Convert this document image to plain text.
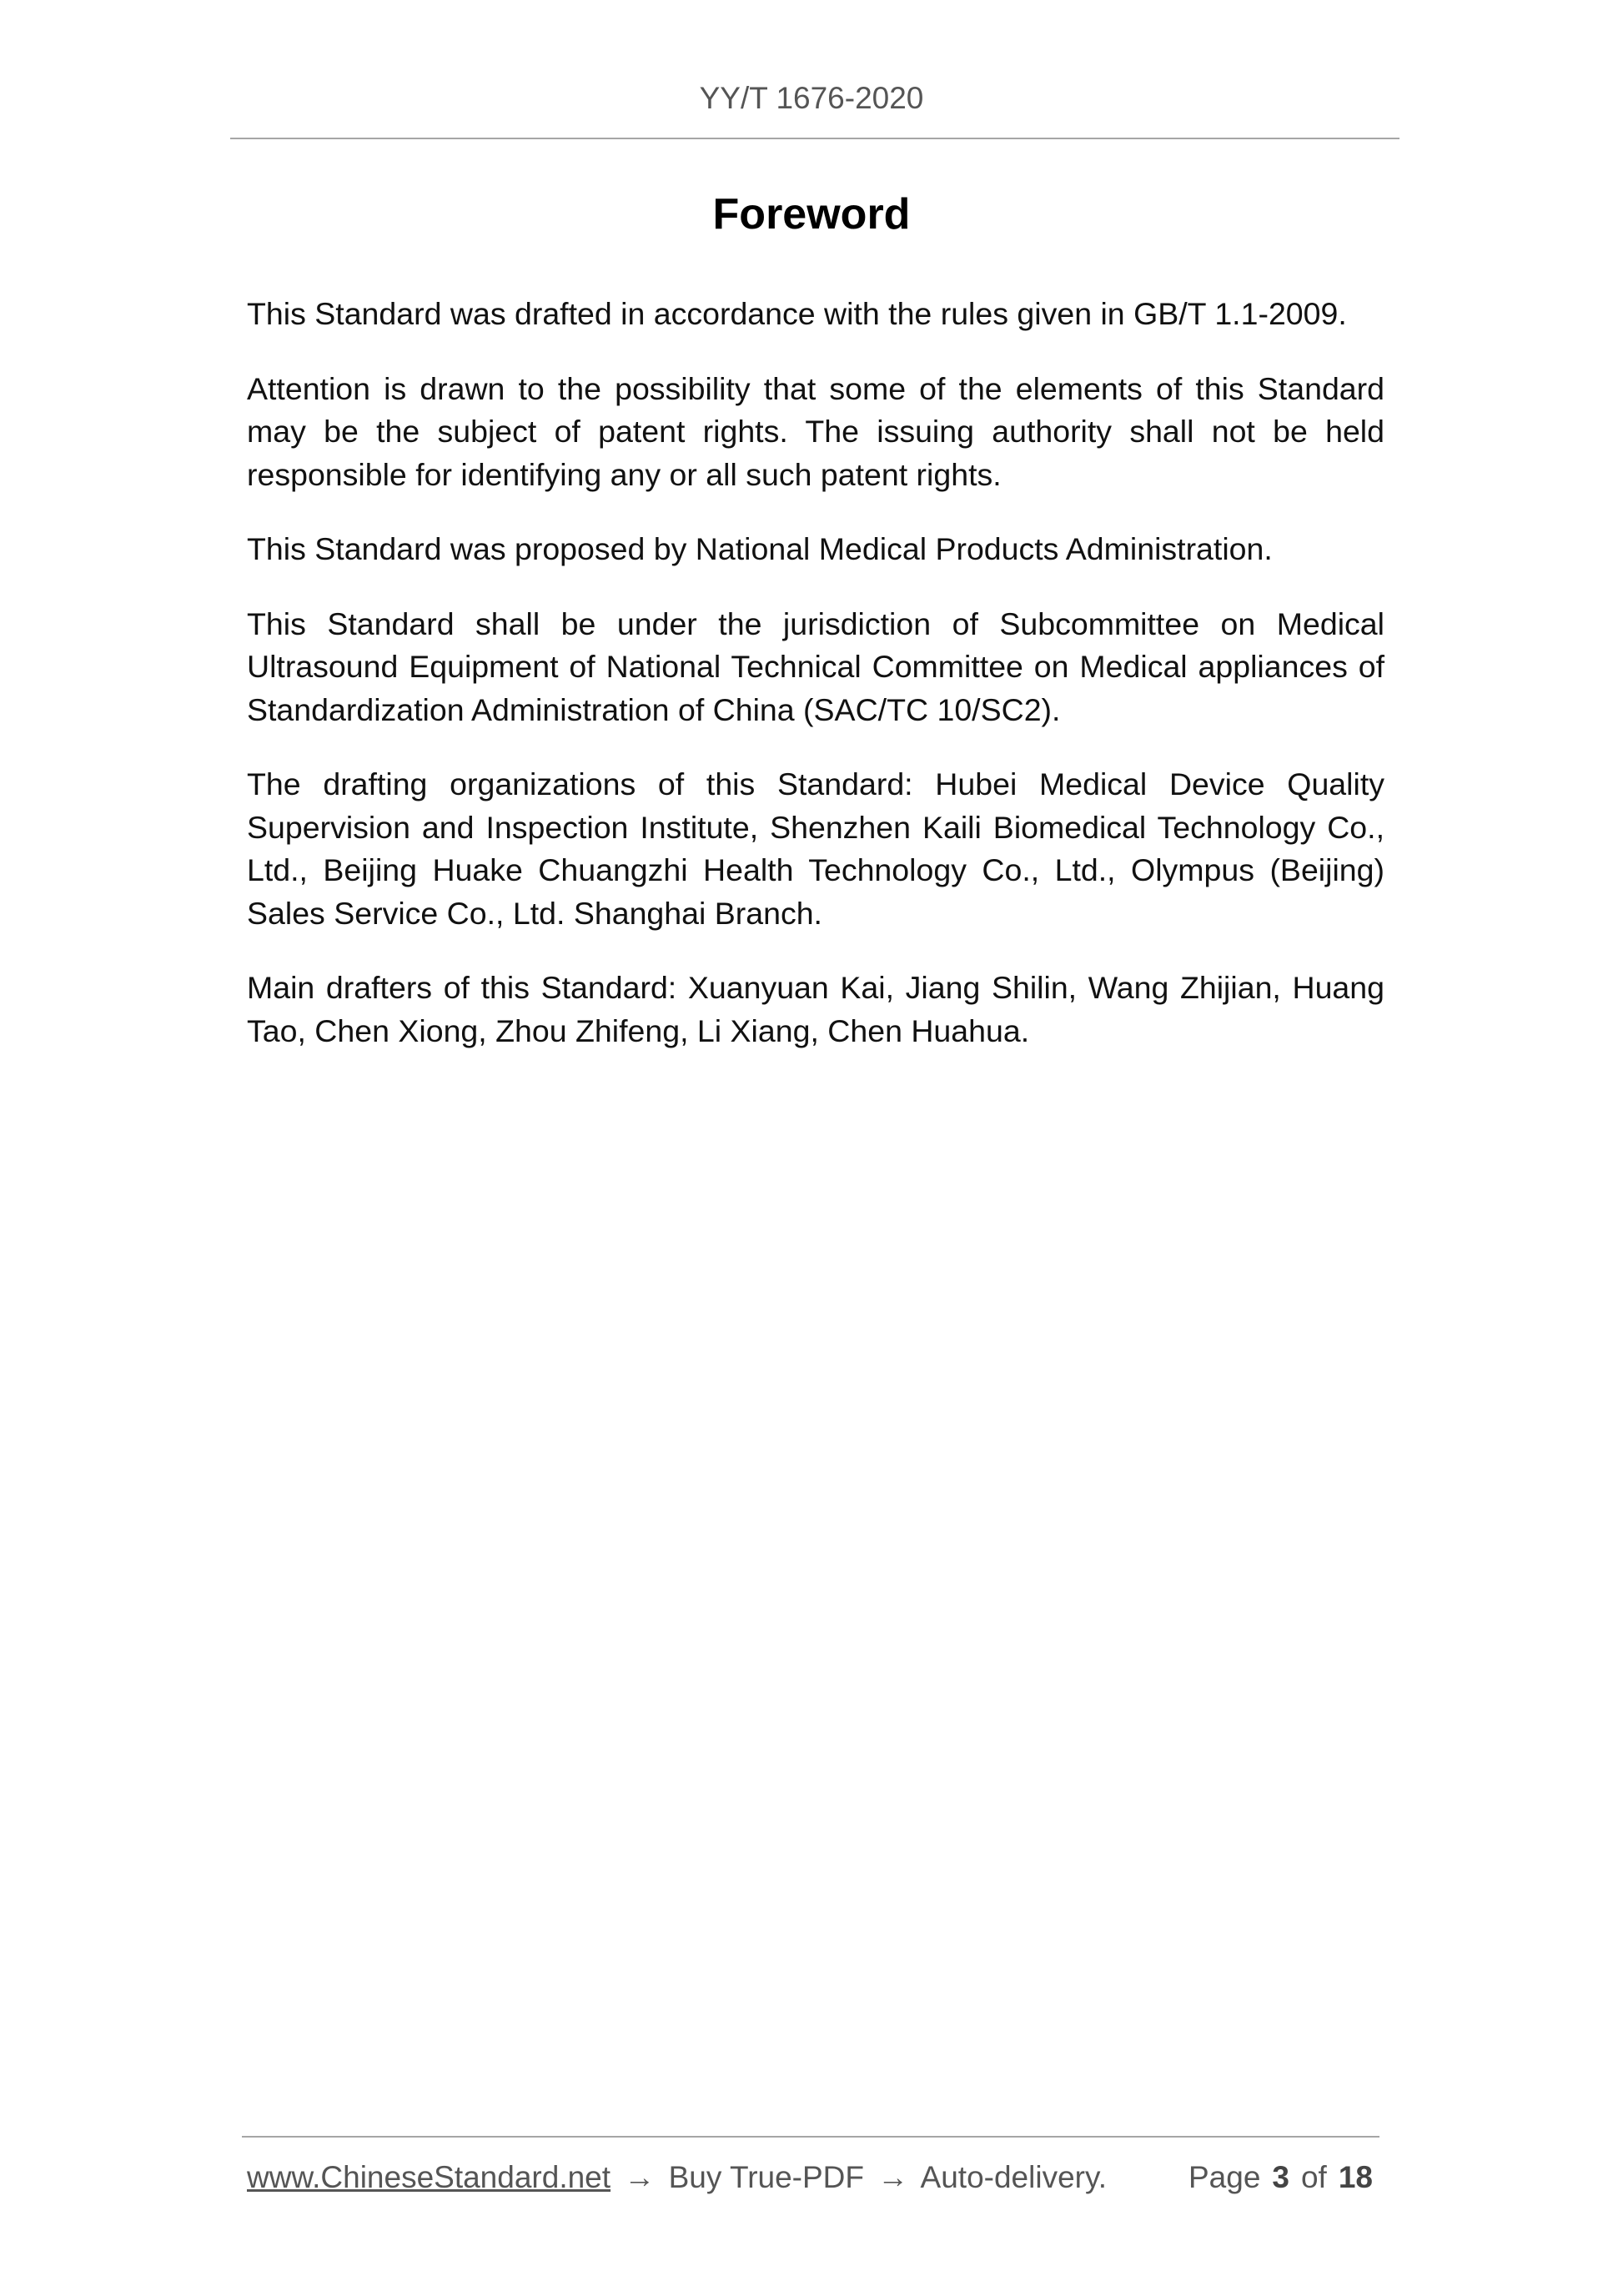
YY/T 1676-2020
Foreword

This Standard was drafted in accordance with the rules given in GB/T 1.1-2009.

Attention is drawn to the possibility that some of the elements of this Standard may be the subject of patent rights. The issuing authority shall not be held responsible for identifying any or all such patent rights.

This Standard was proposed by National Medical Products Administration.

This Standard shall be under the jurisdiction of Subcommittee on Medical Ultrasound Equipment of National Technical Committee on Medical appliances of Standardization Administration of China (SAC/TC 10/SC2).

The drafting organizations of this Standard: Hubei Medical Device Quality Supervision and Inspection Institute, Shenzhen Kaili Biomedical Technology Co., Ltd., Beijing Huake Chuangzhi Health Technology Co., Ltd., Olympus (Beijing) Sales Service Co., Ltd. Shanghai Branch.

Main drafters of this Standard: Xuanyuan Kai, Jiang Shilin, Wang Zhijian, Huang Tao, Chen Xiong, Zhou Zhifeng, Li Xiang, Chen Huahua.

www.ChineseStandard.net → Buy True-PDF → Auto-delivery.	Page 3 of 18
